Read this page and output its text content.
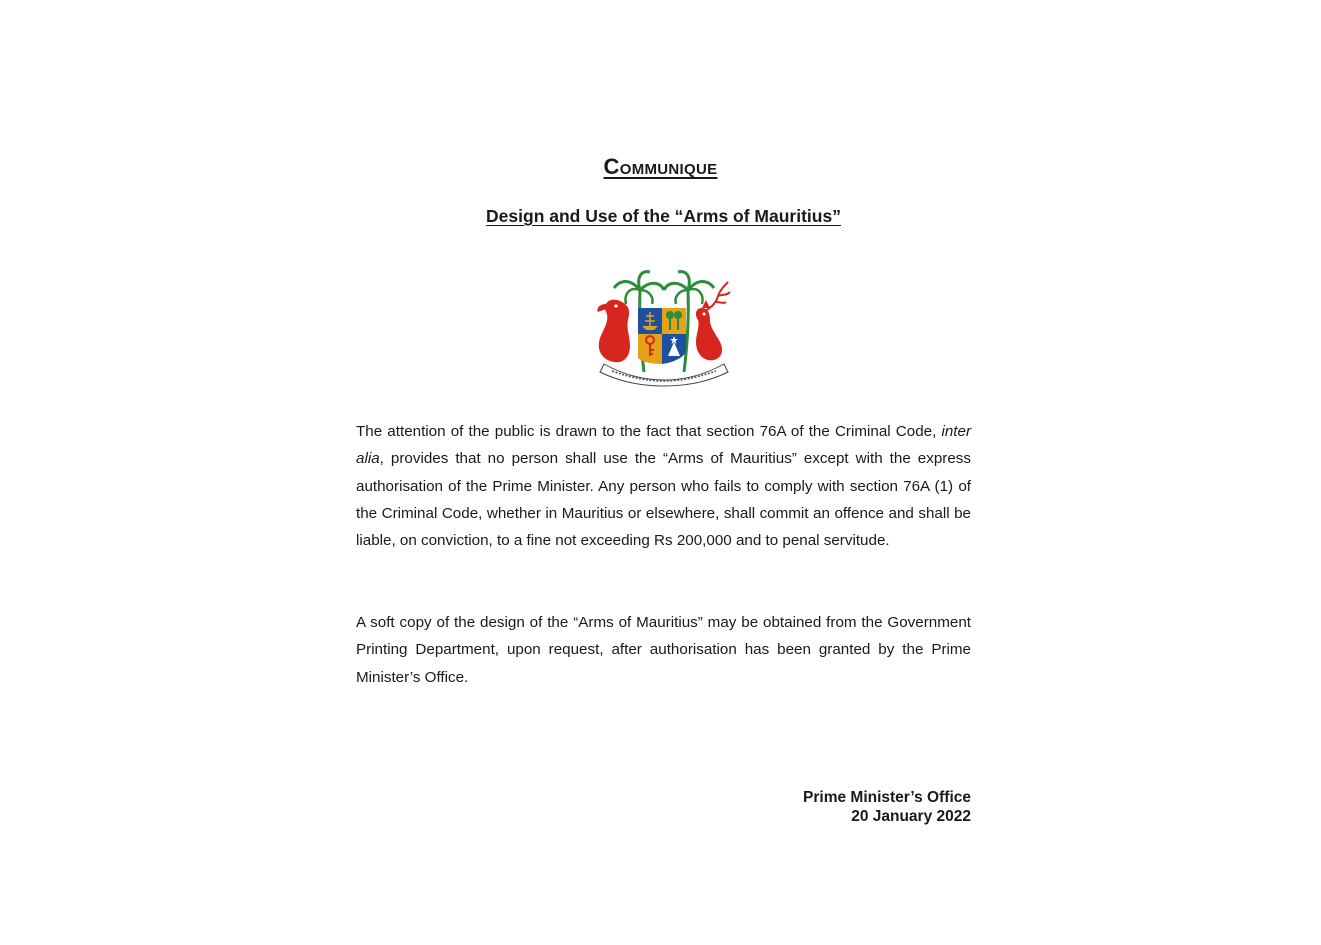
Communique
Design and Use of the “Arms of Mauritius”

The attention of the public is drawn to the fact that section 76A of the Criminal Code, inter alia, provides that no person shall use the “Arms of Mauritius” except with the express authorisation of the Prime Minister. Any person who fails to comply with section 76A (1) of the Criminal Code, whether in Mauritius or elsewhere, shall commit an offence and shall be liable, on conviction, to a fine not exceeding Rs 200,000 and to penal servitude.

A soft copy of the design of the “Arms of Mauritius” may be obtained from the Government Printing Department, upon request, after authorisation has been granted by the Prime Minister’s Office.

Prime Minister’s Office
20 January 2022
